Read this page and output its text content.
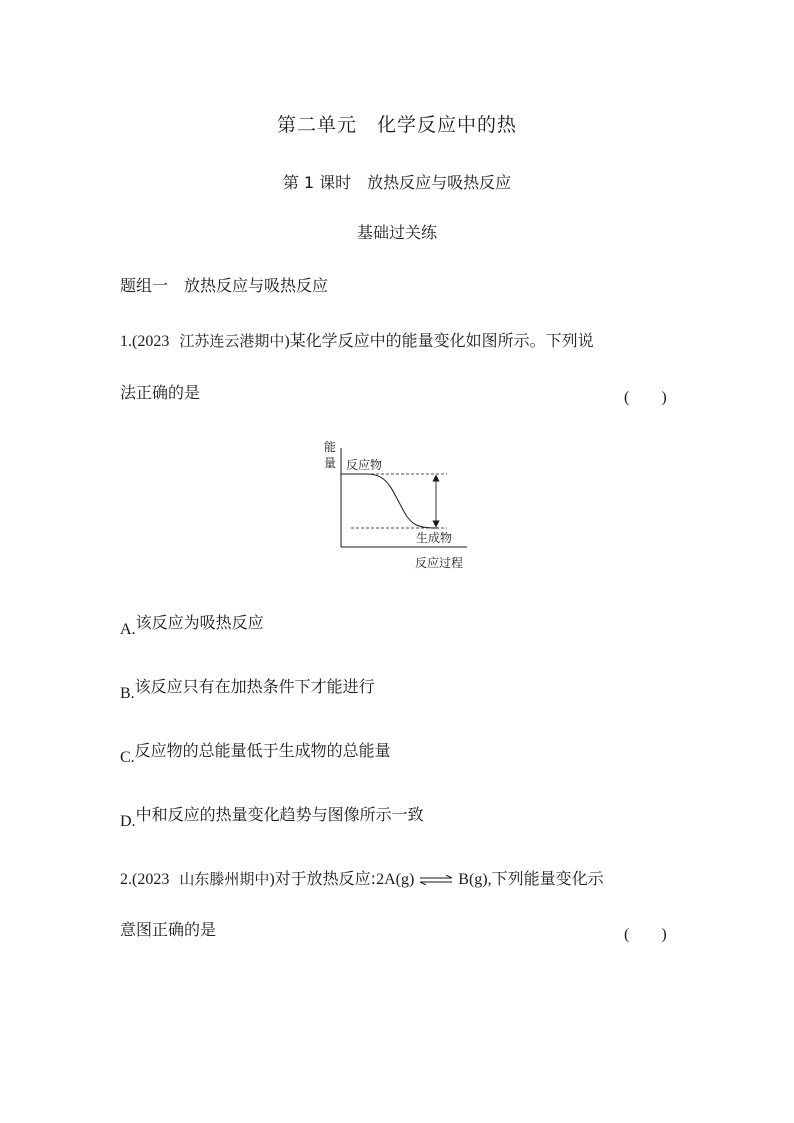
第二单元　化学反应中的热
第 1 课时　放热反应与吸热反应
基础过关练
题组一　放热反应与吸热反应
1.(2023 江苏连云港期中)某化学反应中的能量变化如图所示。下列说
法正确的是	(　　)
能
量 反应物
生成物
反应过程
A.该反应为吸热反应
B.该反应只有在加热条件下才能进行
C.反应物的总能量低于生成物的总能量
D.中和反应的热量变化趋势与图像所示一致
2.(2023 山东滕州期中)对于放热反应:2A(g) ⇌ B(g),下列能量变化示
意图正确的是	(　　)
